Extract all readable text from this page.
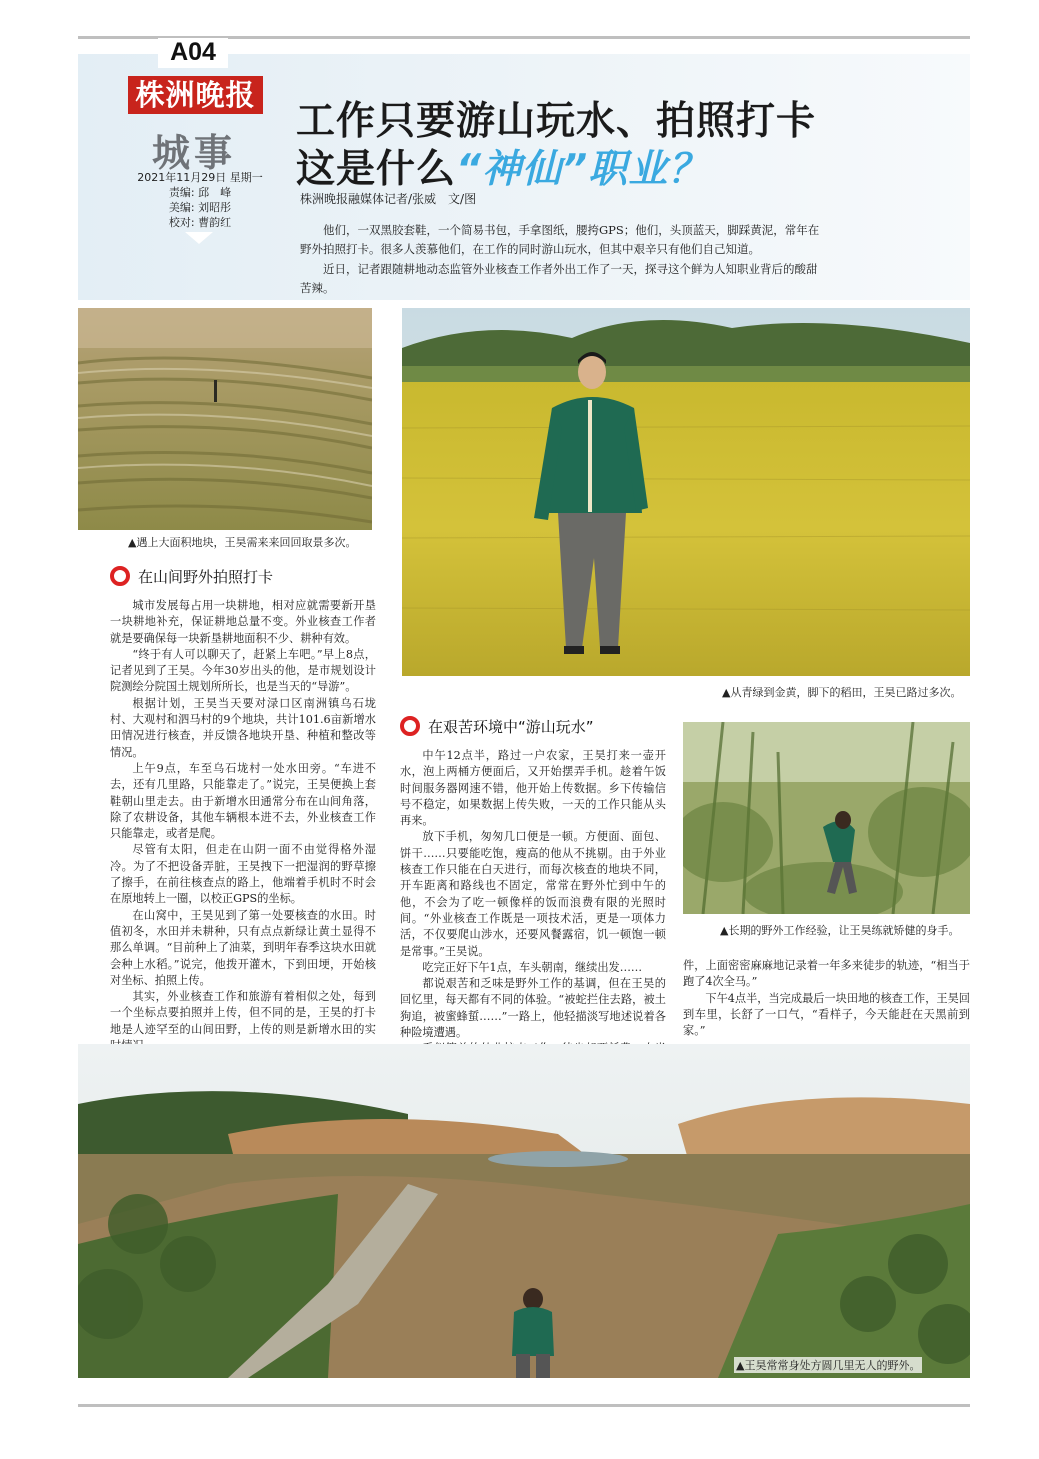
A04
株洲晚报
城事
2021年11月29日 星期一
责编: 邱　峰
美编: 刘昭彤
校对: 曹韵红
工作只要游山玩水、拍照打卡
这是什么“神仙”职业？
株洲晚报融媒体记者/张威　文/图

他们，一双黑胶套鞋，一个简易书包，手拿图纸，腰挎GPS；他们，头顶蓝天，脚踩黄泥，常年在野外拍照打卡。很多人羡慕他们，在工作的同时游山玩水，但其中艰辛只有他们自己知道。

近日，记者跟随耕地动态监管外业核查工作者外出工作了一天，探寻这个鲜为人知职业背后的酸甜苦辣。

▲遇上大面积地块，王昊需来来回回取景多次。
▲从青绿到金黄，脚下的稻田，王昊已路过多次。
在山间野外拍照打卡

城市发展每占用一块耕地，相对应就需要新开垦一块耕地补充，保证耕地总量不变。外业核查工作者就是要确保每一块新垦耕地面积不少、耕种有效。

“终于有人可以聊天了，赶紧上车吧。”早上8点，记者见到了王昊。今年30岁出头的他，是市规划设计院测绘分院国土规划所所长，也是当天的“导游”。

根据计划，王昊当天要对渌口区南洲镇乌石垅村、大观村和泗马村的9个地块，共计101.6亩新增水田情况进行核查，并反馈各地块开垦、种植和整改等情况。

上午9点，车至乌石垅村一处水田旁。“车进不去，还有几里路，只能靠走了。”说完，王昊便换上套鞋朝山里走去。由于新增水田通常分布在山间角落，除了农耕设备，其他车辆根本进不去，外业核查工作只能靠走，或者是爬。

尽管有太阳，但走在山阴一面不由觉得格外湿冷。为了不把设备弄脏，王昊拽下一把湿润的野草擦了擦手，在前往核查点的路上，他端着手机时不时会在原地转上一圈，以校正GPS的坐标。

在山窝中，王昊见到了第一处要核查的水田。时值初冬，水田并未耕种，只有点点新绿让黄土显得不那么单调。“目前种上了油菜，到明年春季这块水田就会种上水稻。”说完，他拨开灌木，下到田埂，开始核对坐标、拍照上传。

其实，外业核查工作和旅游有着相似之处，每到一个坐标点要拍照并上传，但不同的是，王昊的打卡地是人迹罕至的山间田野，上传的则是新增水田的实

在艰苦环境中“游山玩水”

中午12点半，路过一户农家，王昊打来一壶开水，泡上两桶方便面后，又开始摆弄手机。趁着午饭时间服务器网速不错，他开始上传数据。乡下传输信号不稳定，如果数据上传失败，一天的工作只能从头再来。

放下手机，匆匆几口便是一顿。方便面、面包、饼干……只要能吃饱，瘦高的他从不挑剔。由于外业核查工作只能在白天进行，而每次核查的地块不同，开车距离和路线也不固定，常常在野外忙到中午的他，不会为了吃一顿像样的饭而浪费有限的光照时间。“外业核查工作既是一项技术活，更是一项体力活，不仅要爬山涉水，还要风餐露宿，饥一顿饱一顿是常事。”王昊说。

吃完正好下午1点，车头朝南，继续出发……

都说艰苦和乏味是野外工作的基调，但在王昊的回忆里，每天都有不同的体验。“被蛇拦住去路，被土狗追，被蜜蜂蜇……”一路上，他轻描淡写地述说着各种险境遭遇。

▲长期的野外工作经验，让王昊练就矫健的身手。

件，上面密密麻麻地记录着一年多来徒步的轨迹，“相当于跑了4次全马。”

下午4点半，当完成最后一块田地的核查工作，王昊回到车里，长舒了一口气，“看样子，今天能赶在天黑前到家。”

▲王昊常常身处方圆几里无人的野外。
